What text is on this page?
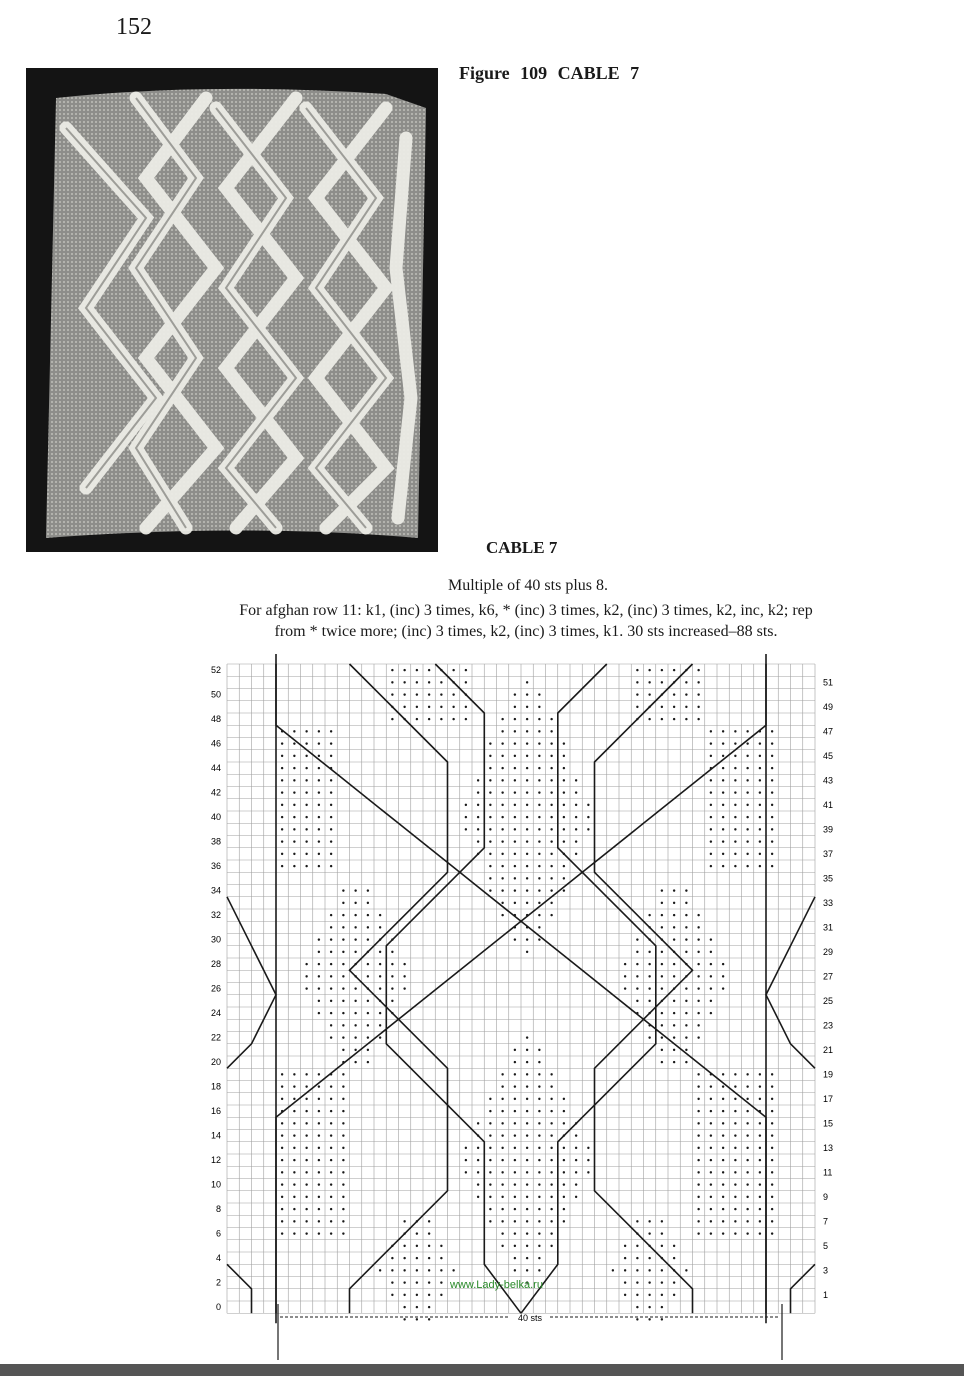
152
Figure 109 CABLE 7
CABLE 7
Multiple of 40 sts plus 8.
For afghan row 11: k1, (inc) 3 times, k6, * (inc) 3 times, k2, (inc) 3 times, k2, inc, k2; rep
from * twice more; (inc) 3 times, k2, (inc) 3 times, k1. 30 sts increased–88 sts.
52
50
48
46
44
42
40
38
36
34
32
30
28
26
24
22
20
18
16
14
12
10
8
6
4
2
0
51
49
47
45
43
41
39
37
35
33
31
29
27
25
23
21
19
17
15
13
11
9
7
5
3
1
40 sts
www.Lady-belka.ru
